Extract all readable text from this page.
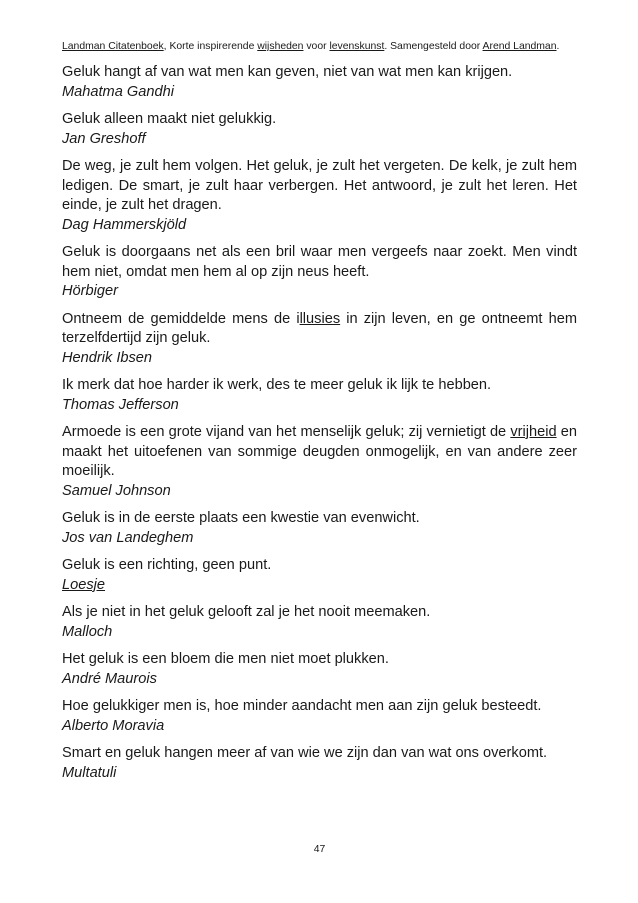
Landman Citatenboek, Korte inspirerende wijsheden voor levenskunst. Samengesteld door Arend Landman.

Geluk hangt af van wat men kan geven, niet van wat men kan krijgen.

Mahatma Gandhi

Geluk alleen maakt niet gelukkig.

Jan Greshoff

De weg, je zult hem volgen. Het geluk, je zult het vergeten. De kelk, je zult hem ledigen. De smart, je zult haar verbergen. Het antwoord, je zult het leren. Het einde, je zult het dragen.

Dag Hammerskjöld

Geluk is doorgaans net als een bril waar men vergeefs naar zoekt. Men vindt hem niet, omdat men hem al op zijn neus heeft.

Hörbiger

Ontneem de gemiddelde mens de illusies in zijn leven, en ge ontneemt hem terzelfdertijd zijn geluk.

Hendrik Ibsen

Ik merk dat hoe harder ik werk, des te meer geluk ik lijk te hebben.

Thomas Jefferson

Armoede is een grote vijand van het menselijk geluk; zij vernietigt de vrijheid en maakt het uitoefenen van sommige deugden onmogelijk, en van andere zeer moeilijk.

Samuel Johnson

Geluk is in de eerste plaats een kwestie van evenwicht.

Jos van Landeghem

Geluk is een richting, geen punt.

Loesje

Als je niet in het geluk gelooft zal je het nooit meemaken.

Malloch

Het geluk is een bloem die men niet moet plukken.

André Maurois

Hoe gelukkiger men is, hoe minder aandacht men aan zijn geluk besteedt.

Alberto Moravia

Smart en geluk hangen meer af van wie we zijn dan van wat ons overkomt.

Multatuli

47
